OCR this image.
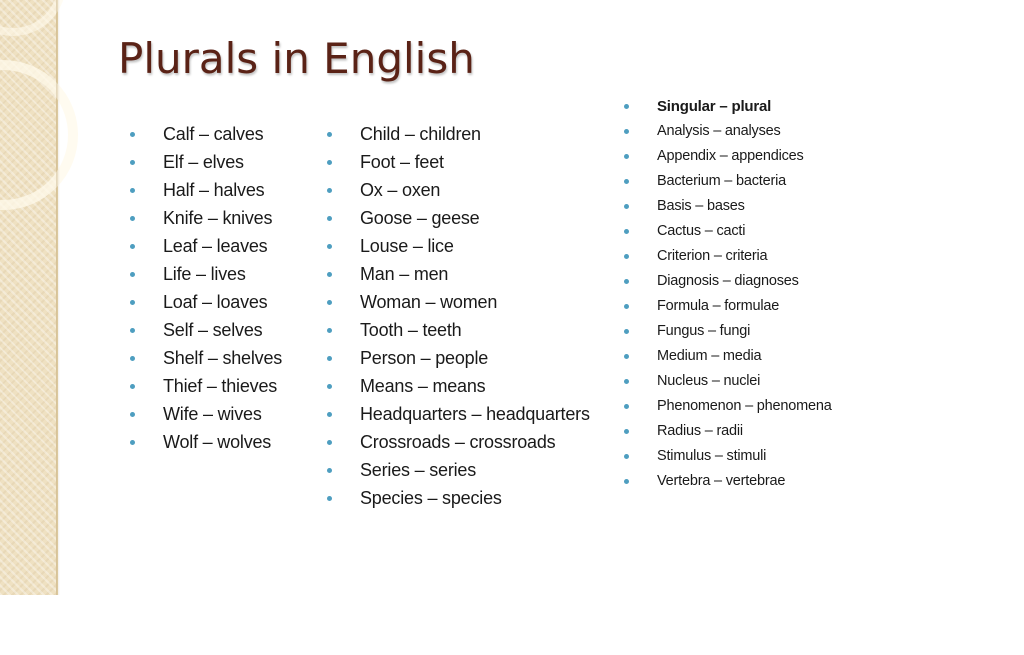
Plurals in English
Calf – calves
Elf – elves
Half – halves
Knife – knives
Leaf – leaves
Life – lives
Loaf – loaves
Self – selves
Shelf – shelves
Thief – thieves
Wife – wives
Wolf – wolves
Child – children
Foot – feet
Ox – oxen
Goose – geese
Louse – lice
Man – men
Woman – women
Tooth – teeth
Person – people
Means – means
Headquarters – headquarters
Crossroads – crossroads
Series – series
Species – species
Singular – plural
Analysis – analyses
Appendix – appendices
Bacterium – bacteria
Basis – bases
Cactus – cacti
Criterion – criteria
Diagnosis – diagnoses
Formula – formulae
Fungus – fungi
Medium – media
Nucleus – nuclei
Phenomenon – phenomena
Radius – radii
Stimulus – stimuli
Vertebra – vertebrae
